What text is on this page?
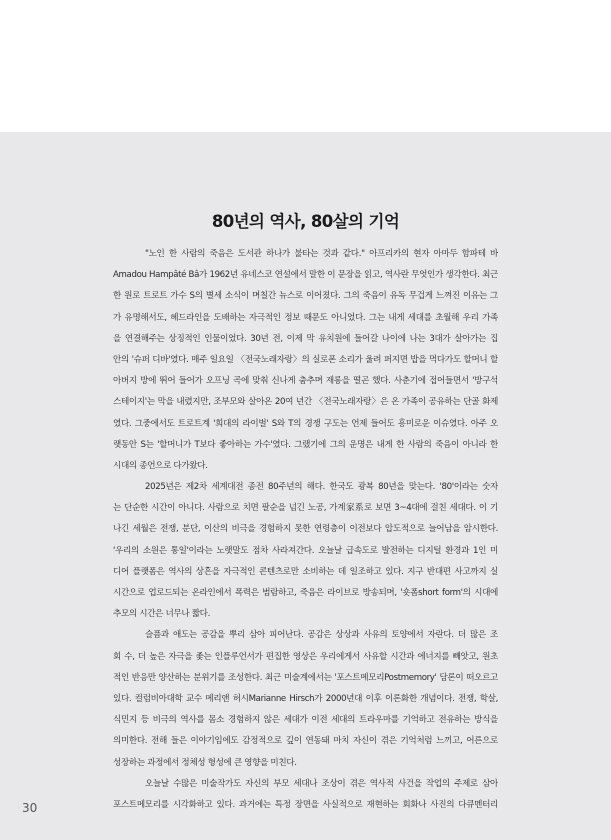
80년의 역사, 80살의 기억
"노인 한 사람의 죽음은 도서관 하나가 불타는 것과 같다." 아프리카의 현자 아마두 함파테 바
Amadou Hampâté Bâ가 1962년 유네스코 연설에서 말한 이 문장을 읽고, 역사란 무엇인가 생각한다. 최근
한 원로 트로트 가수 S의 별세 소식이 며칠간 뉴스로 이어졌다. 그의 죽음이 유독 무겁게 느껴진 이유는 그
가 유명해서도, 헤드라인을 도배하는 자극적인 정보 때문도 아니었다. 그는 내게 세대를 초월해 우리 가족
을 연결해주는 상징적인 인물이었다. 30년 전, 이제 막 유치원에 들어갈 나이에 나는 3대가 살아가는 집
안의 '슈퍼 디바'였다. 매주 일요일 〈전국노래자랑〉의 실로폰 소리가 울려 퍼지면 밥을 먹다가도 할머니 할
아버지 방에 뛰어 들어가 오프닝 곡에 맞춰 신나게 춤추며 재롱을 떨곤 했다. 사춘기에 접어들면서 '방구석
스테이지'는 막을 내렸지만, 조부모와 살아온 20여 년간 〈전국노래자랑〉은 온 가족이 공유하는 단골 화제
였다. 그중에서도 트로트계 '희대의 라이벌' S와 T의 경쟁 구도는 언제 들어도 흥미로운 이슈였다. 아주 오
랫동안 S는 '할머니가 T보다 좋아하는 가수'였다. 그랬기에 그의 운명은 내게 한 사람의 죽음이 아니라 한
시대의 종언으로 다가왔다.
2025년은 제2차 세계대전 종전 80주년의 해다. 한국도 광복 80년을 맞는다. '80'이라는 숫자
는 단순한 시간이 아니다. 사람으로 치면 팔순을 넘긴 노공, 가계家系로 보면 3~4대에 걸친 세대다. 이 기
나긴 세월은 전쟁, 분단, 이산의 비극을 경험하지 못한 연령층이 이전보다 압도적으로 늘어남을 암시한다.
'우리의 소원은 통일'이라는 노랫말도 점차 사라져간다. 오늘날 급속도로 발전하는 디지털 환경과 1인 미
디어 플랫폼은 역사의 상흔을 자극적인 콘텐츠로만 소비하는 데 일조하고 있다. 지구 반대편 사고까지 실
시간으로 업로드되는 온라인에서 폭력은 범람하고, 죽음은 라이브로 방송되며, '숏폼short form'의 시대에
추모의 시간은 너무나 짧다.
슬픔과 애도는 공감을 뿌리 삼아 피어난다. 공감은 상상과 사유의 토양에서 자란다. 더 많은 조
회 수, 더 높은 자극을 좇는 인플루언서가 편집한 영상은 우리에게서 사유할 시간과 에너지를 빼앗고, 원초
적인 반응만 양산하는 분위기를 조성한다. 최근 미술계에서는 '포스트메모리Postmemory' 담론이 떠오르고
있다. 컬럼비아대학 교수 메리앤 허시Marianne Hirsch가 2000년대 이후 이론화한 개념이다. 전쟁, 학살,
식민지 등 비극의 역사를 몸소 경험하지 않은 세대가 이전 세대의 트라우마를 기억하고 전유하는 방식을
의미한다. 전해 들은 이야기임에도 감정적으로 깊이 연동돼 마치 자신이 겪은 기억처럼 느끼고, 어른으로
성장하는 과정에서 정체성 형성에 큰 영향을 미친다.
오늘날 수많은 미술작가도 자신의 부모 세대나 조상이 겪은 역사적 사건을 작업의 주제로 삼아
포스트메모리를 시각화하고 있다. 과거에는 특정 장면을 사실적으로 재현하는 회화나 사진의 다큐멘터리
30
